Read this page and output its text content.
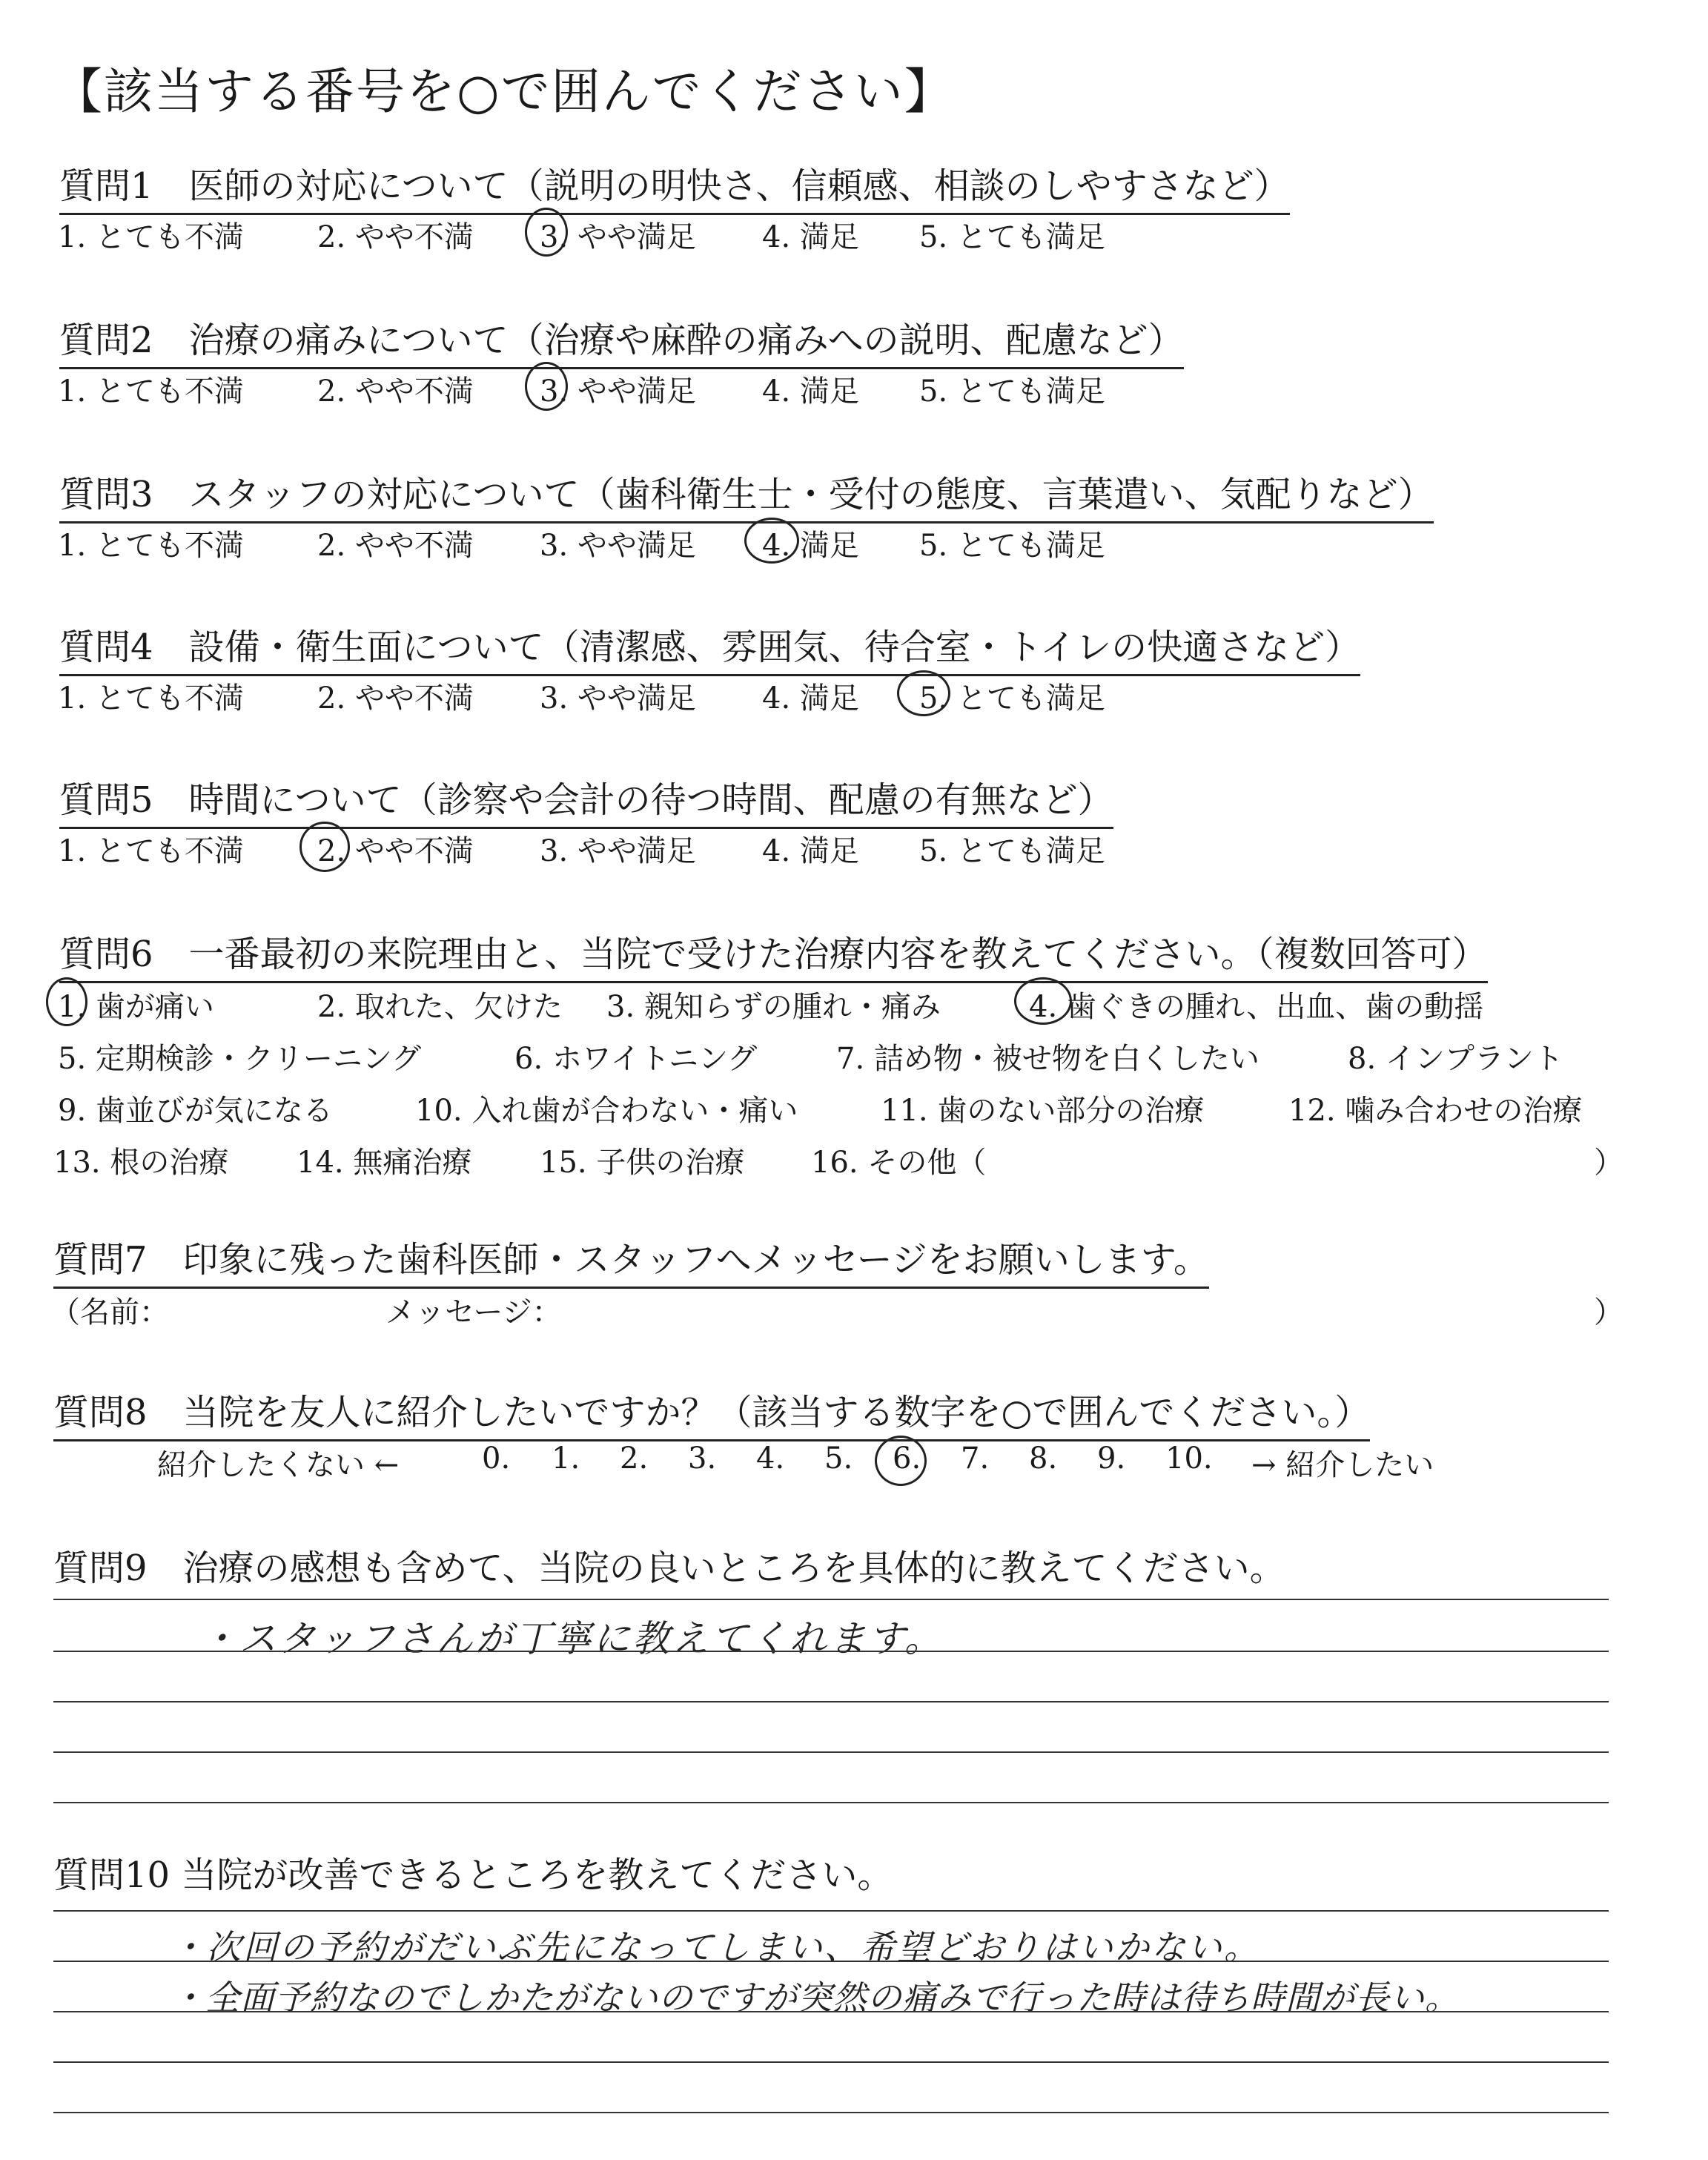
【該当する番号を○で囲んでください】
質問1　医師の対応について（説明の明快さ、信頼感、相談のしやすさなど）
1. とても不満 2. やや不満 3. やや満足 4. 満足 5. とても満足
質問2　治療の痛みについて（治療や麻酔の痛みへの説明、配慮など）
1. とても不満 2. やや不満 3. やや満足 4. 満足 5. とても満足
質問3　スタッフの対応について（歯科衛生士・受付の態度、言葉遣い、気配りなど）
1. とても不満 2. やや不満 3. やや満足 4. 満足 5. とても満足
質問4　設備・衛生面について（清潔感、雰囲気、待合室・トイレの快適さなど）
1. とても不満 2. やや不満 3. やや満足 4. 満足 5. とても満足
質問5　時間について（診察や会計の待つ時間、配慮の有無など）
1. とても不満 2. やや不満 3. やや満足 4. 満足 5. とても満足
質問6　一番最初の来院理由と、当院で受けた治療内容を教えてください。（複数回答可）
1. 歯が痛い	2. 取れた、欠けた 3. 親知らずの腫れ・痛み	4. 歯ぐきの腫れ、出血、歯の動揺
5. 定期検診・クリーニング	6. ホワイトニング	7. 詰め物・被せ物を白くしたい	8. インプラント
9. 歯並びが気になる	10. 入れ歯が合わない・痛い	11. 歯のない部分の治療	12. 噛み合わせの治療
13. 根の治療 14. 無痛治療 15. 子供の治療 16. その他（	）
質問7　印象に残った歯科医師・スタッフへメッセージをお願いします。
（名前：	メッセージ：	）
質問8　当院を友人に紹介したいですか？（該当する数字を○で囲んでください。）
紹介したくない ←	0. 1. 2. 3. 4. 5. 6. 7. 8. 9. 10. → 紹介したい
質問9　治療の感想も含めて、当院の良いところを具体的に教えてください。
・スタッフさんが丁寧に教えてくれます。
質問10 当院が改善できるところを教えてください。
・次回の予約がだいぶ先になってしまい、希望どおりはいかない。
・全面予約なのでしかたがないのですが突然の痛みで行った時は待ち時間が長い。
